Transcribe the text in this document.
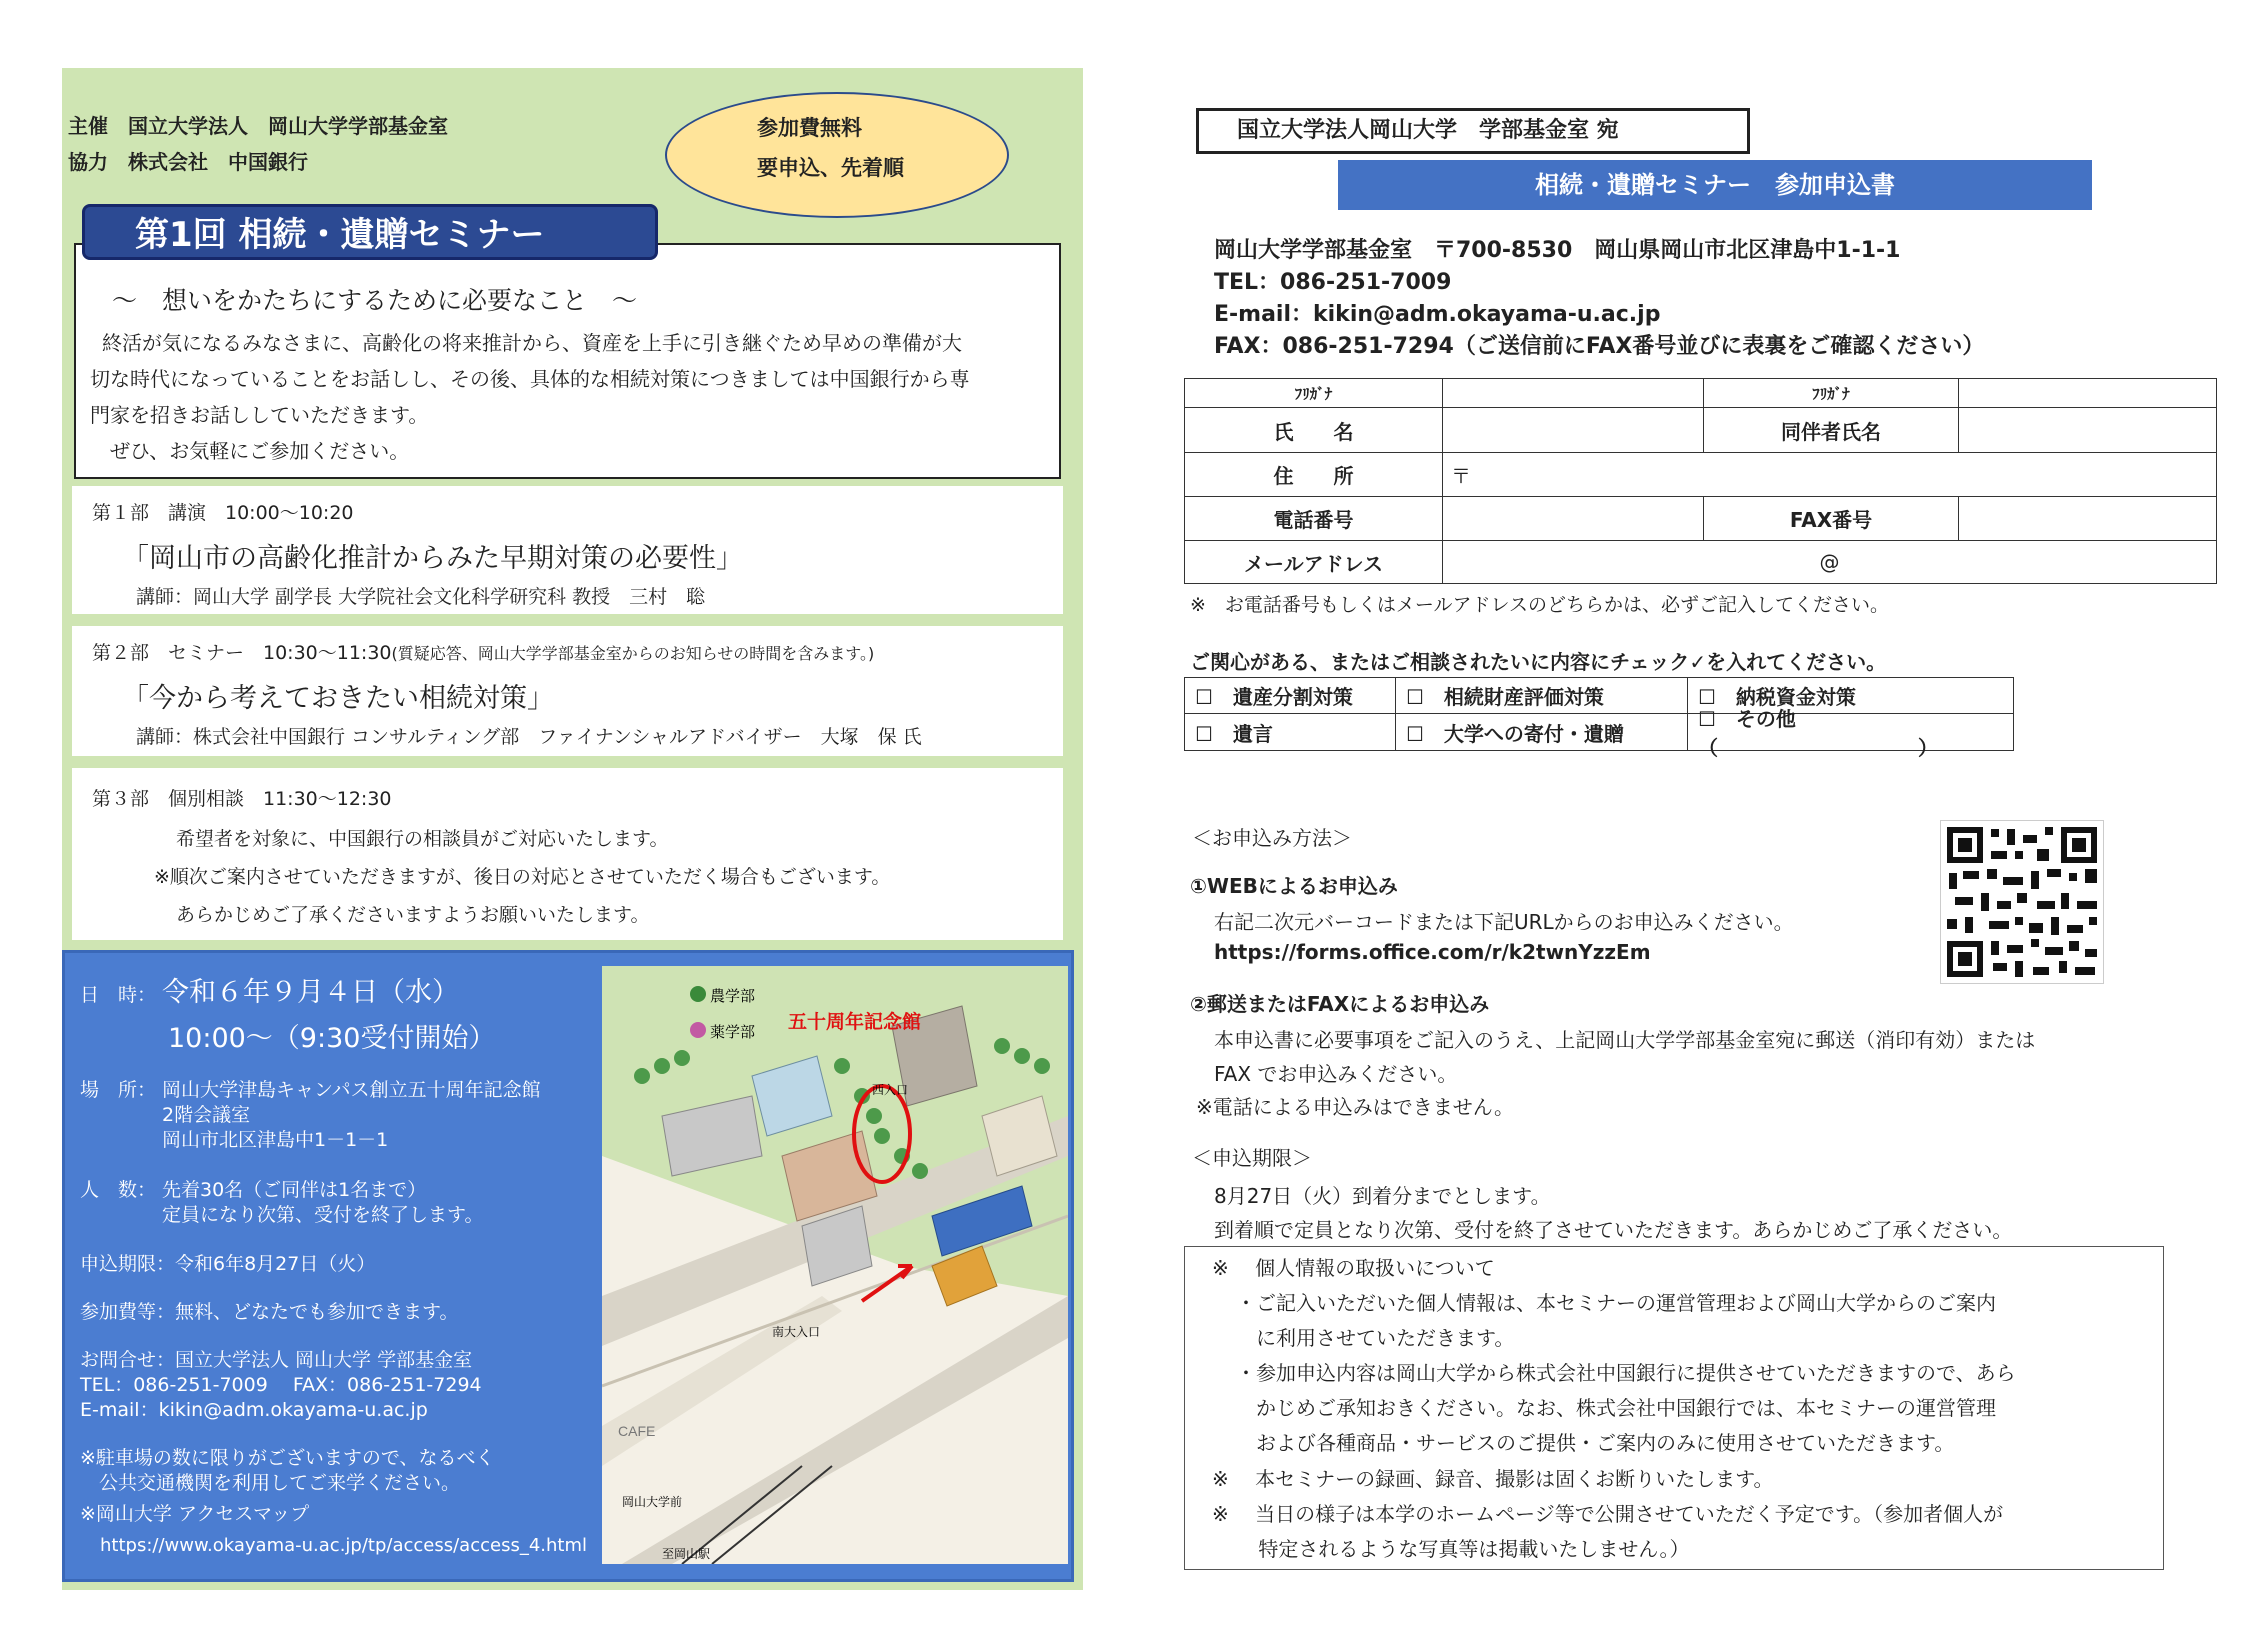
主催　国立大学法人　岡山大学学部基金室
協力　株式会社　中国銀行
参加費無料
要申込、先着順
～　想いをかたちにするために必要なこと　～
　終活が気になるみなさまに、高齢化の将来推計から、資産を上手に引き継ぐため早めの準備が大
切な時代になっていることをお話しし、その後、具体的な相続対策につきましては中国銀行から専
門家を招きお話ししていただきます。
　ぜひ、お気軽にご参加ください。
第1回 相続・遺贈セミナー
第１部　講演　10:00～10:20
「岡山市の高齢化推計からみた早期対策の必要性」
講師：岡山大学 副学長 大学院社会文化科学研究科 教授　三村　聡
第２部　セミナー　10:30～11:30(質疑応答、岡山大学学部基金室からのお知らせの時間を含みます。)
「今から考えておきたい相続対策」
講師：株式会社中国銀行 コンサルティング部　ファイナンシャルアドバイザー　大塚　保 氏
第３部　個別相談　11:30～12:30
希望者を対象に、中国銀行の相談員がご対応いたします。
※順次ご案内させていただきますが、後日の対応とさせていただく場合もございます。
あらかじめご了承くださいますようお願いいたします。
日　時： 令和６年９月４日（水）
10:00～（9:30受付開始）
場　所： 岡山大学津島キャンパス創立五十周年記念館
2階会議室
岡山市北区津島中1－1－1
人　数： 先着30名（ご同伴は1名まで）
定員になり次第、受付を終了します。
申込期限：令和6年8月27日（火）
参加費等：無料、どなたでも参加できます。
お問合せ：国立大学法人 岡山大学 学部基金室
TEL：086-251-7009　 FAX：086-251-7294
E-mail：kikin@adm.okayama-u.ac.jp
※駐車場の数に限りがございますので、なるべく
　公共交通機関を利用してご来学ください。
※岡山大学 アクセスマップ
https://www.okayama-u.ac.jp/tp/access/access_4.html
農学部
薬学部 五十周年記念館
西入口
南大入口
CAFE
岡山大学前
至岡山駅
国立大学法人岡山大学　学部基金室 宛
相続・遺贈セミナー　参加申込書
岡山大学学部基金室　〒700-8530　岡山県岡山市北区津島中1-1-1
TEL：086-251-7009
E-mail：kikin@adm.okayama-u.ac.jp
FAX：086-251-7294（ご送信前にFAX番号並びに表裏をご確認ください）
ﾌﾘｶﾞﾅ	ﾌﾘｶﾞﾅ
氏　　名	同伴者氏名
住　　所	〒
電話番号	FAX番号
メールアドレス	@
※　お電話番号もしくはメールアドレスのどちらかは、必ずご記入してください。
ご関心がある、またはご相談されたいに内容にチェック✓を入れてください。
☐　遺産分割対策	☐　相続財産評価対策	☐　納税資金対策
☐　遺言	☐　大学への寄付・遺贈
☐　その他（　　　　　　　　　　）
＜お申込み方法＞
①WEBによるお申込み
右記二次元バーコードまたは下記URLからのお申込みください。
https://forms.office.com/r/k2twnYzzEm
②郵送またはFAXによるお申込み
本申込書に必要事項をご記入のうえ、上記岡山大学学部基金室宛に郵送（消印有効）または
FAX でお申込みください。
※電話による申込みはできません。
＜申込期限＞
8月27日（火）到着分までとします。
到着順で定員となり次第、受付を終了させていただきます。あらかじめご了承ください。
※　 個人情報の取扱いについて
・ご記入いただいた個人情報は、本セミナーの運営管理および岡山大学からのご案内
　に利用させていただきます。
・参加申込内容は岡山大学から株式会社中国銀行に提供させていただきますので、あら
　かじめご承知おきください。なお、株式会社中国銀行では、本セミナーの運営管理
　および各種商品・サービスのご提供・ご案内のみに使用させていただきます。
※　 本セミナーの録画、録音、撮影は固くお断りいたします。
※　 当日の様子は本学のホームページ等で公開させていただく予定です。（参加者個人が
　　 特定されるような写真等は掲載いたしません。）
